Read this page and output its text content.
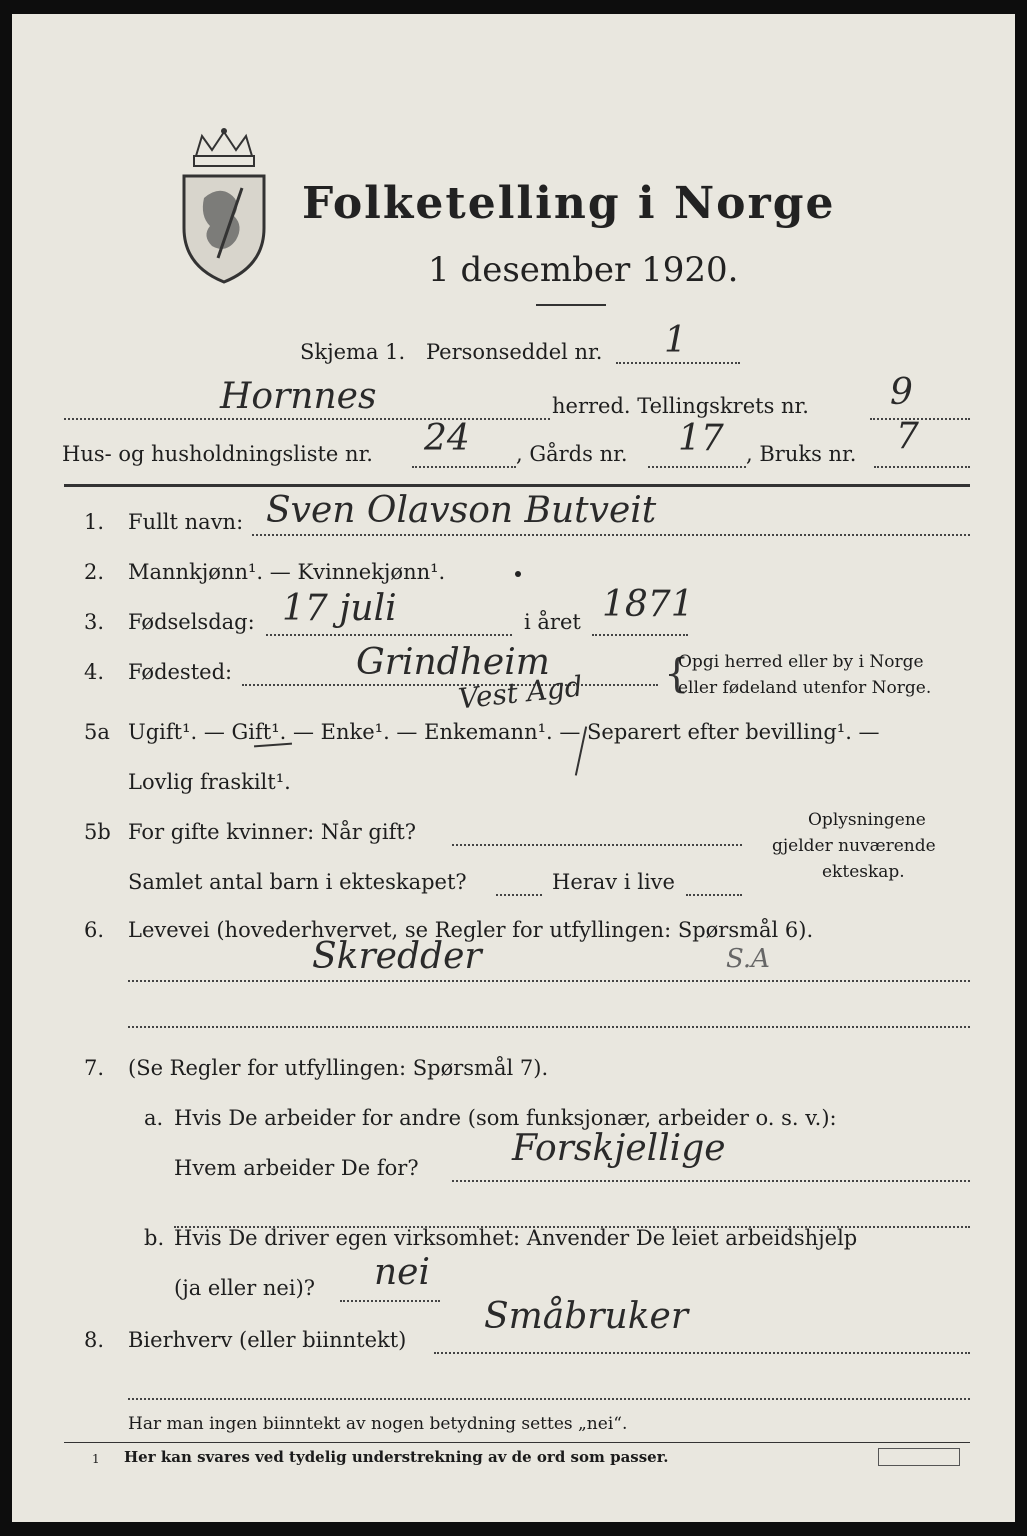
Folketelling i Norge
1 desember 1920.
Skjema 1. Personseddel nr. 1
Hornnes	herred. Tellingskrets nr. 9
Hus- og husholdningsliste nr. 24 , Gårds nr. 17 , Bruks nr. 7
1. Fullt navn: Sven Olavson Butveit
2. Mannkjønn¹. — Kvinnekjønn¹.
3. Fødselsdag: 17 juli	i året 1871
4. Fødested:	Grindheim
Vest Agd {
Opgi herred eller by i Norge
eller fødeland utenfor Norge.
5a Ugift¹. — Gift¹. — Enke¹. — Enkemann¹. — Separert efter bevilling¹. —
Lovlig fraskilt¹.
5b For gifte kvinner: Når gift?
Samlet antal barn i ekteskapet?	Herav i live
Oplysningene
gjelder nuværende
ekteskap.
6. Levevei (hovederhvervet, se Regler for utfyllingen: Spørsmål 6).
Skredder	S.A
7. (Se Regler for utfyllingen: Spørsmål 7).
a. Hvis De arbeider for andre (som funksjonær, arbeider o. s. v.):
Hvem arbeider De for?	Forskjellige
b. Hvis De driver egen virksomhet: Anvender De leiet arbeidshjelp
(ja eller nei)? nei
8. Bierhverv (eller biinntekt)
Småbruker
Har man ingen biinntekt av nogen betydning settes „nei“.
1 Her kan svares ved tydelig understrekning av de ord som passer.
